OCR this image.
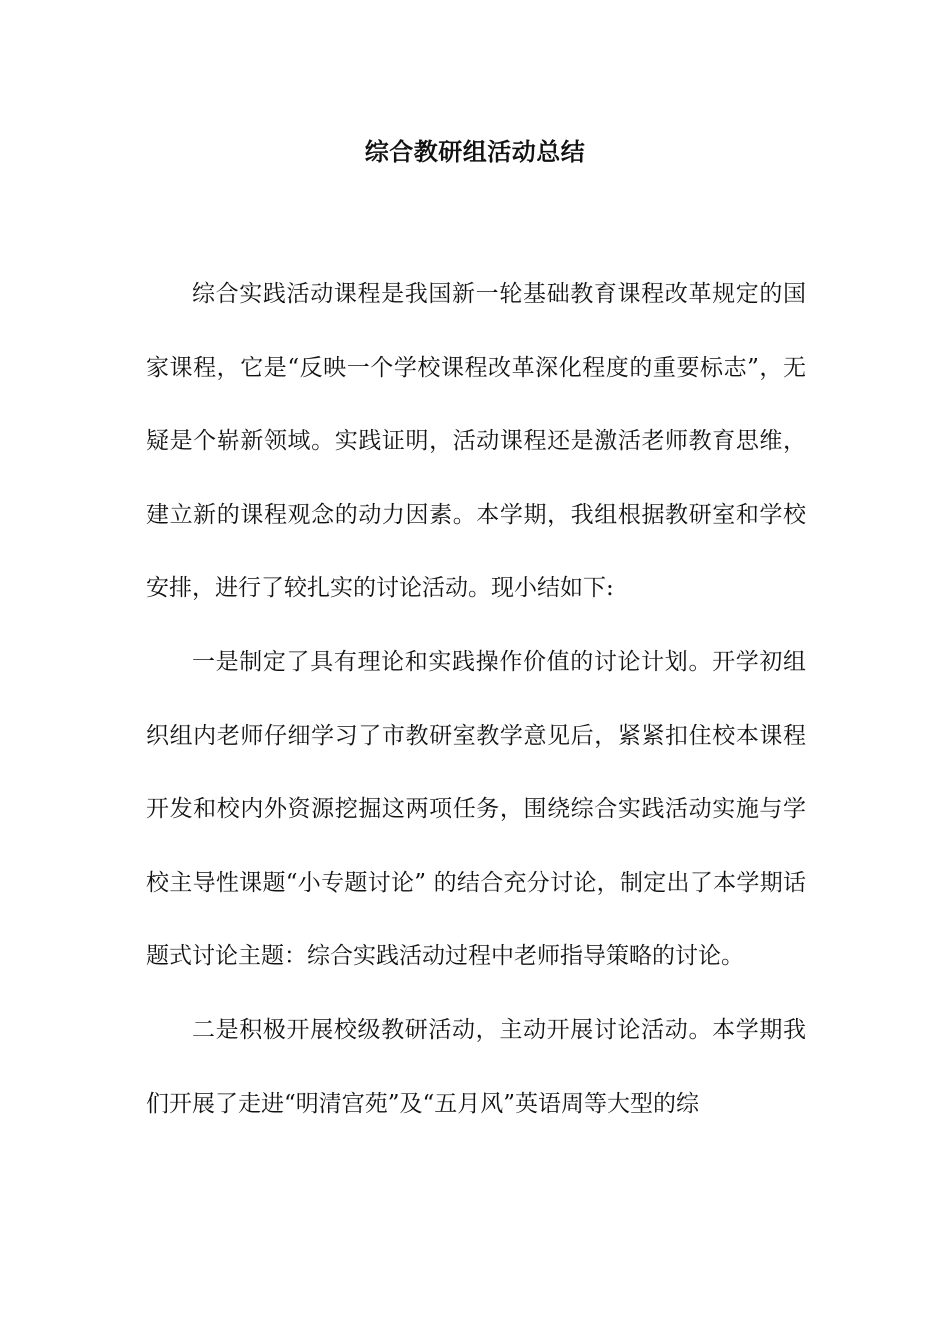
综合教研组活动总结

综合实践活动课程是我国新一轮基础教育课程改革规定的国家课程，它是“反映一个学校课程改革深化程度的重要标志”，无疑是个崭新领域。实践证明，活动课程还是激活老师教育思维，建立新的课程观念的动力因素。本学期，我组根据教研室和学校安排，进行了较扎实的讨论活动。现小结如下:

一是制定了具有理论和实践操作价值的讨论计划。开学初组织组内老师仔细学习了市教研室教学意见后，紧紧扣住校本课程开发和校内外资源挖掘这两项任务，围绕综合实践活动实施与学校主导性课题“小专题讨论” 的结合充分讨论，制定出了本学期话题式讨论主题：综合实践活动过程中老师指导策略的讨论。

二是积极开展校级教研活动，主动开展讨论活动。本学期我们开展了走进“明清宫苑”及“五月风”英语周等大型的综
